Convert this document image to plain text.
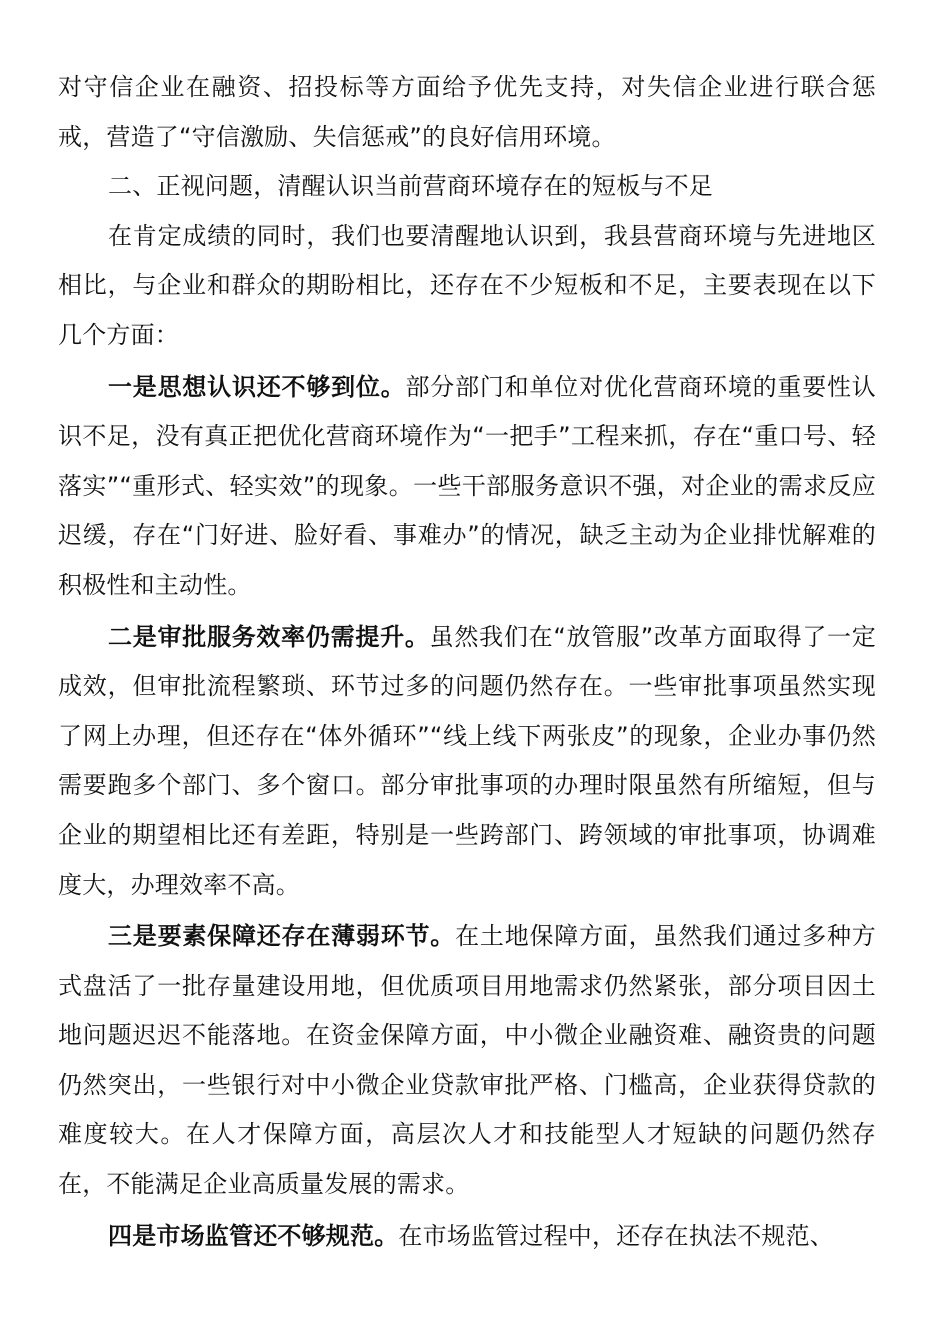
对守信企业在融资、招投标等方面给予优先支持，对失信企业进行联合惩戒，营造了“守信激励、失信惩戒”的良好信用环境。

二、正视问题，清醒认识当前营商环境存在的短板与不足

在肯定成绩的同时，我们也要清醒地认识到，我县营商环境与先进地区相比，与企业和群众的期盼相比，还存在不少短板和不足，主要表现在以下几个方面：

一是思想认识还不够到位。部分部门和单位对优化营商环境的重要性认识不足，没有真正把优化营商环境作为“一把手”工程来抓，存在“重口号、轻落实”“重形式、轻实效”的现象。一些干部服务意识不强，对企业的需求反应迟缓，存在“门好进、脸好看、事难办”的情况，缺乏主动为企业排忧解难的积极性和主动性。

二是审批服务效率仍需提升。虽然我们在“放管服”改革方面取得了一定成效，但审批流程繁琐、环节过多的问题仍然存在。一些审批事项虽然实现了网上办理，但还存在“体外循环”“线上线下两张皮”的现象，企业办事仍然需要跑多个部门、多个窗口。部分审批事项的办理时限虽然有所缩短，但与企业的期望相比还有差距，特别是一些跨部门、跨领域的审批事项，协调难度大，办理效率不高。

三是要素保障还存在薄弱环节。在土地保障方面，虽然我们通过多种方式盘活了一批存量建设用地，但优质项目用地需求仍然紧张，部分项目因土地问题迟迟不能落地。在资金保障方面，中小微企业融资难、融资贵的问题仍然突出，一些银行对中小微企业贷款审批严格、门槛高，企业获得贷款的难度较大。在人才保障方面，高层次人才和技能型人才短缺的问题仍然存在，不能满足企业高质量发展的需求。

四是市场监管还不够规范。在市场监管过程中，还存在执法不规范、
